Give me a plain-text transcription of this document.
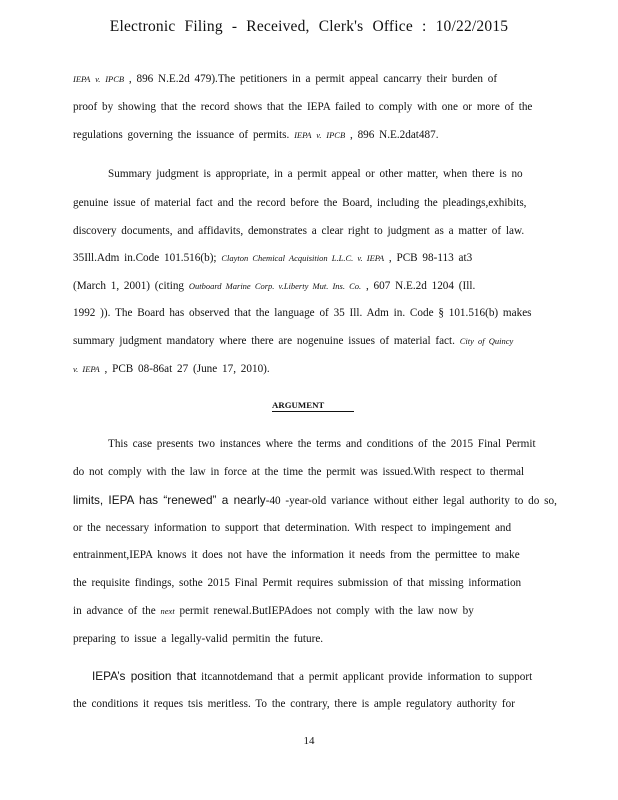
Electronic Filing - Received, Clerk's Office : 10/22/2015
IEPA v. IPCB , 896 N.E.2d 479).The petitioners in a permit appeal cancarry their burden of
proof by showing that the record shows that the IEPA failed to comply with one or more of the
regulations governing the issuance of permits. IEPA v. IPCB , 896 N.E.2dat487.
Summary judgment is appropriate, in a permit appeal or other matter, when there is no
genuine issue of material fact and the record before the Board, including the pleadings,exhibits,
discovery documents, and affidavits, demonstrates a clear right to judgment as a matter of law.
35Ill.Adm in.Code 101.516(b); Clayton Chemical Acquisition L.L.C. v. IEPA , PCB 98-113 at3
(March 1, 2001) (citing Outboard Marine Corp. v.Liberty Mut. Ins. Co. , 607 N.E.2d 1204 (Ill.
1992 )). The Board has observed that the language of 35 Ill. Adm in. Code § 101.516(b) makes
summary judgment mandatory where there are nogenuine issues of material fact. City of Quincy
v. IEPA , PCB 08-86at 27 (June 17, 2010).
ARGUMENT
This case presents two instances where the terms and conditions of the 2015 Final Permit
do not comply with the law in force at the time the permit was issued.With respect to thermal
limits, IEPA has “renewed” a nearly-40 -year-old variance without either legal authority to do so,
or the necessary information to support that determination. With respect to impingement and
entrainment,IEPA knows it does not have the information it needs from the permittee to make
the requisite findings, sothe 2015 Final Permit requires submission of that missing information
in advance of the next permit renewal.ButIEPAdoes not comply with the law now by
preparing to issue a legally-valid permitin the future.
IEPA’s position that itcannotdemand that a permit applicant provide information to support
the conditions it reques tsis meritless. To the contrary, there is ample regulatory authority for
14
